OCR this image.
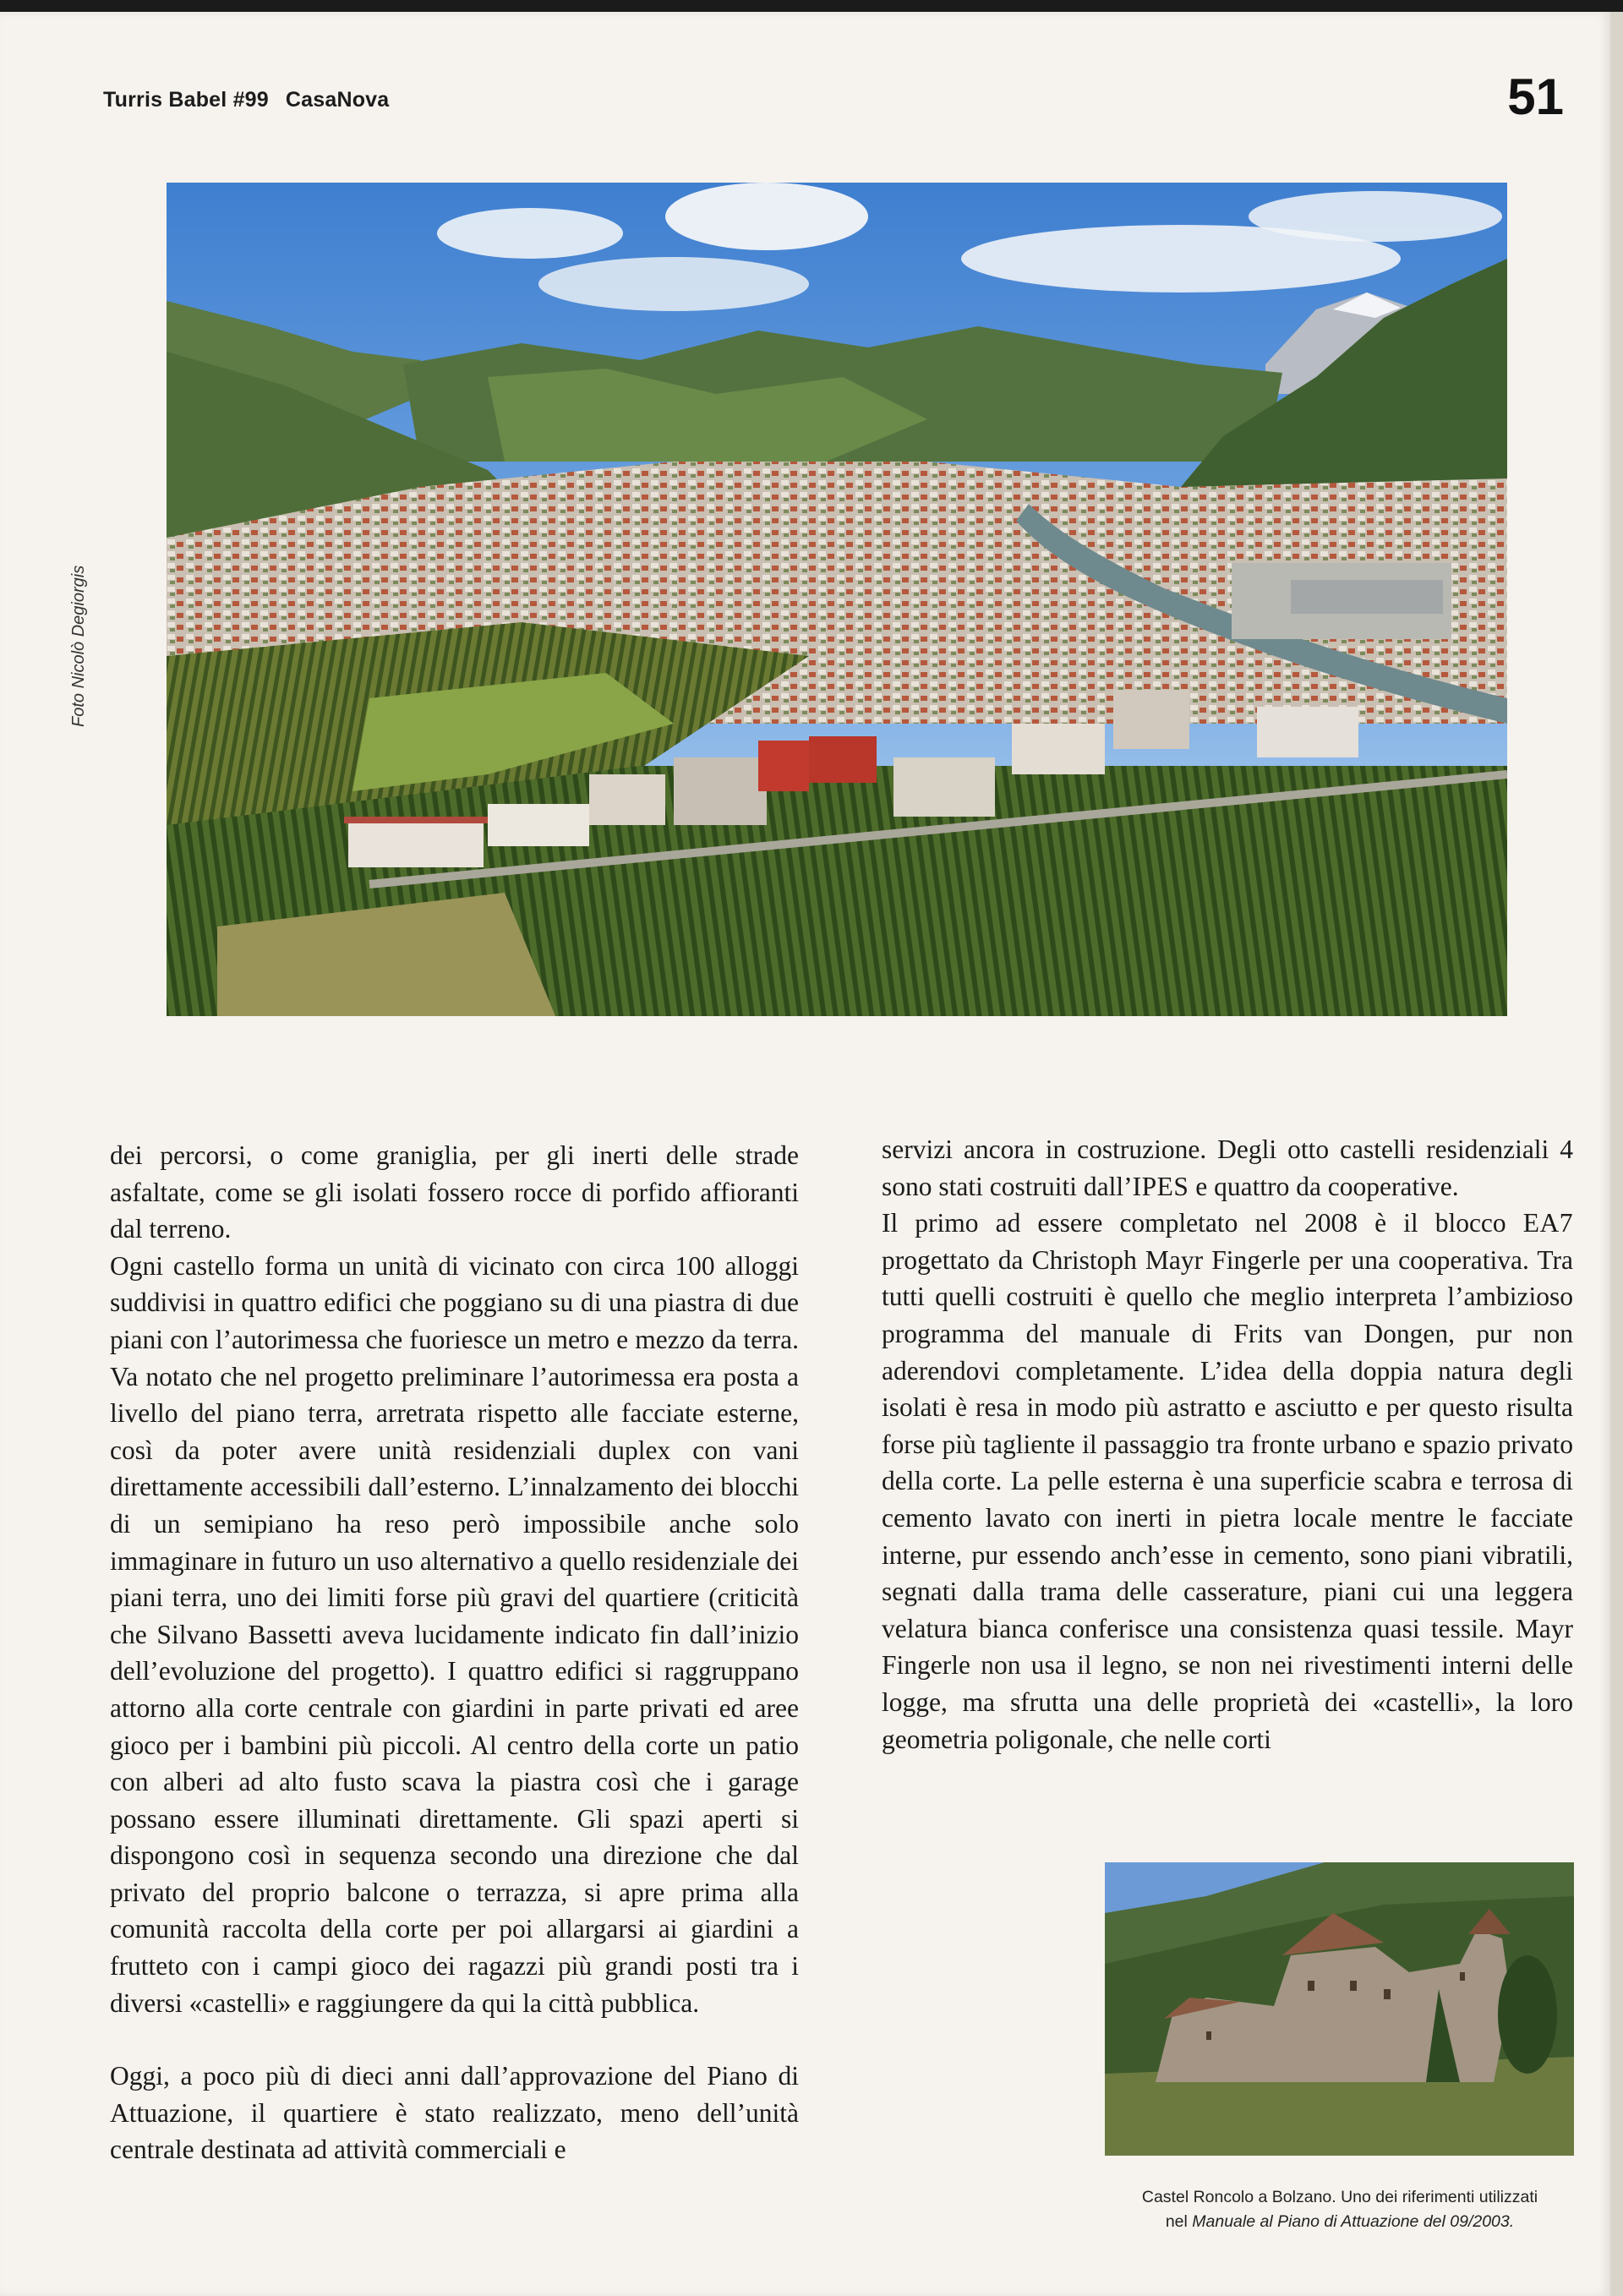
Turris Babel #99 CasaNova	51
Foto Nicolò Degiorgis

dei percorsi, o come graniglia, per gli inerti delle strade asfaltate, come se gli isolati fossero rocce di porfido affioranti dal terreno.

Ogni castello forma un unità di vicinato con circa 100 alloggi suddivisi in quattro edifici che poggiano su di una piastra di due piani con l’autorimessa che fuoriesce un metro e mezzo da terra. Va notato che nel progetto preliminare l’autorimessa era posta a livello del piano terra, arretrata rispetto alle facciate esterne, così da poter avere unità residenziali duplex con vani direttamente accessibili dall’esterno. L’innalzamento dei blocchi di un semipiano ha reso però impossibile anche solo immaginare in futuro un uso alternativo a quello residenziale dei piani terra, uno dei limiti forse più gravi del quartiere (criticità che Silvano Bassetti aveva lucidamente indicato fin dall’inizio dell’evoluzione del progetto). I quattro edifici si raggruppano attorno alla corte centrale con giardini in parte privati ed aree gioco per i bambini più piccoli. Al centro della corte un patio con alberi ad alto fusto scava la piastra così che i garage possano essere illuminati direttamente. Gli spazi aperti si dispongono così in sequenza secondo una direzione che dal privato del proprio balcone o terrazza, si apre prima alla comunità raccolta della corte per poi allargarsi ai giardini a frutteto con i campi gioco dei ragazzi più grandi posti tra i diversi «castelli» e raggiungere da qui la città pubblica.

Oggi, a poco più di dieci anni dall’approvazione del Piano di Attuazione, il quartiere è stato realizzato, meno dell’unità centrale destinata ad attività commerciali e

servizi ancora in costruzione. Degli otto castelli residenziali 4 sono stati costruiti dall’IPES e quattro da cooperative.

Il primo ad essere completato nel 2008 è il blocco EA7 progettato da Christoph Mayr Fingerle per una cooperativa. Tra tutti quelli costruiti è quello che meglio interpreta l’ambizioso programma del manuale di Frits van Dongen, pur non aderendovi completamente. L’idea della doppia natura degli isolati è resa in modo più astratto e asciutto e per questo risulta forse più tagliente il passaggio tra fronte urbano e spazio privato della corte. La pelle esterna è una superficie scabra e terrosa di cemento lavato con inerti in pietra locale mentre le facciate interne, pur essendo anch’esse in cemento, sono piani vibratili, segnati dalla trama delle casserature, piani cui una leggera velatura bianca conferisce una consistenza quasi tessile. Mayr Fingerle non usa il legno, se non nei rivestimenti interni delle logge, ma sfrutta una delle proprietà dei «castelli», la loro geometria poligonale, che nelle corti

Castel Roncolo a Bolzano. Uno dei riferimenti utilizzati
nel Manuale al Piano di Attuazione del 09/2003.
